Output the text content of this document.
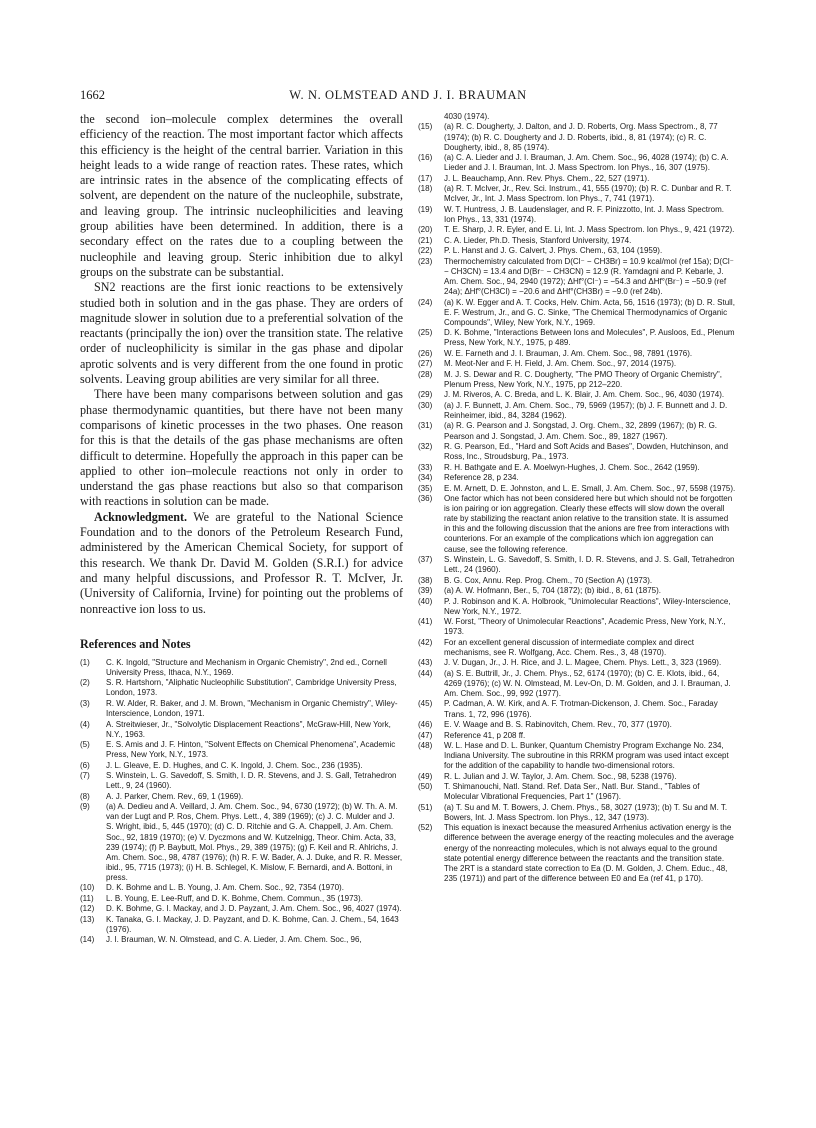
1662	W. N. OLMSTEAD AND J. I. BRAUMAN

the second ion–molecule complex determines the overall efficiency of the reaction. The most important factor which affects this efficiency is the height of the central barrier. Variation in this height leads to a wide range of reaction rates. These rates, which are intrinsic rates in the absence of the complicating effects of solvent, are dependent on the nature of the nucleophile, substrate, and leaving group. The intrinsic nucleophilicities and leaving group abilities have been determined. In addition, there is a secondary effect on the rates due to a coupling between the nucleophile and leaving group. Steric inhibition due to alkyl groups on the substrate can be substantial.

SN2 reactions are the first ionic reactions to be extensively studied both in solution and in the gas phase. They are orders of magnitude slower in solution due to a preferential solvation of the reactants (principally the ion) over the transition state. The relative order of nucleophilicity is similar in the gas phase and dipolar aprotic solvents and is very different from the one found in protic solvents. Leaving group abilities are very similar for all three.

There have been many comparisons between solution and gas phase thermodynamic quantities, but there have not been many comparisons of kinetic processes in the two phases. One reason for this is that the details of the gas phase mechanisms are often difficult to determine. Hopefully the approach in this paper can be applied to other ion–molecule reactions not only in order to understand the gas phase reactions but also so that comparison with reactions in solution can be made.

Acknowledgment. We are grateful to the National Science Foundation and to the donors of the Petroleum Research Fund, administered by the American Chemical Society, for support of this research. We thank Dr. David M. Golden (S.R.I.) for advice and many helpful discussions, and Professor R. T. McIver, Jr. (University of California, Irvine) for pointing out the problems of nonreactive ion loss to us.

References and Notes
(1)	C. K. Ingold, "Structure and Mechanism in Organic Chemistry", 2nd ed., Cornell University Press, Ithaca, N.Y., 1969.
(2)	S. R. Hartshorn, "Aliphatic Nucleophilic Substitution", Cambridge University Press, London, 1973.
(3)	R. W. Alder, R. Baker, and J. M. Brown, "Mechanism in Organic Chemistry", Wiley-Interscience, London, 1971.
(4)	A. Streitwieser, Jr., "Solvolytic Displacement Reactions", McGraw-Hill, New York, N.Y., 1963.
(5)	E. S. Amis and J. F. Hinton, "Solvent Effects on Chemical Phenomena", Academic Press, New York, N.Y., 1973.
(6)	J. L. Gleave, E. D. Hughes, and C. K. Ingold, J. Chem. Soc., 236 (1935).
(7)	S. Winstein, L. G. Savedoff, S. Smith, I. D. R. Stevens, and J. S. Gall, Tetrahedron Lett., 9, 24 (1960).
(8)	A. J. Parker, Chem. Rev., 69, 1 (1969).
(9)	(a) A. Dedieu and A. Veillard, J. Am. Chem. Soc., 94, 6730 (1972); (b) W. Th. A. M. van der Lugt and P. Ros, Chem. Phys. Lett., 4, 389 (1969); (c) J. C. Mulder and J. S. Wright, ibid., 5, 445 (1970); (d) C. D. Ritchie and G. A. Chappell, J. Am. Chem. Soc., 92, 1819 (1970); (e) V. Dyczmons and W. Kutzelnigg, Theor. Chim. Acta, 33, 239 (1974); (f) P. Baybutt, Mol. Phys., 29, 389 (1975); (g) F. Keil and R. Ahlrichs, J. Am. Chem. Soc., 98, 4787 (1976); (h) R. F. W. Bader, A. J. Duke, and R. R. Messer, ibid., 95, 7715 (1973); (i) H. B. Schlegel, K. Mislow, F. Bernardi, and A. Bottoni, in press.
(10)	D. K. Bohme and L. B. Young, J. Am. Chem. Soc., 92, 7354 (1970).
(11)	L. B. Young, E. Lee-Ruff, and D. K. Bohme, Chem. Commun., 35 (1973).
(12)	D. K. Bohme, G. I. Mackay, and J. D. Payzant, J. Am. Chem. Soc., 96, 4027 (1974).
(13)	K. Tanaka, G. I. Mackay, J. D. Payzant, and D. K. Bohme, Can. J. Chem., 54, 1643 (1976).
(14)	J. I. Brauman, W. N. Olmstead, and C. A. Lieder, J. Am. Chem. Soc., 96,
4030 (1974).
(15)	(a) R. C. Dougherty, J. Dalton, and J. D. Roberts, Org. Mass Spectrom., 8, 77 (1974); (b) R. C. Dougherty and J. D. Roberts, ibid., 8, 81 (1974); (c) R. C. Dougherty, ibid., 8, 85 (1974).
(16)	(a) C. A. Lieder and J. I. Brauman, J. Am. Chem. Soc., 96, 4028 (1974); (b) C. A. Lieder and J. I. Brauman, Int. J. Mass Spectrom. Ion Phys., 16, 307 (1975).
(17)	J. L. Beauchamp, Ann. Rev. Phys. Chem., 22, 527 (1971).
(18)	(a) R. T. McIver, Jr., Rev. Sci. Instrum., 41, 555 (1970); (b) R. C. Dunbar and R. T. McIver, Jr., Int. J. Mass Spectrom. Ion Phys., 7, 741 (1971).
(19)	W. T. Huntress, J. B. Laudenslager, and R. F. Pinizzotto, Int. J. Mass Spectrom. Ion Phys., 13, 331 (1974).
(20)	T. E. Sharp, J. R. Eyler, and E. Li, Int. J. Mass Spectrom. Ion Phys., 9, 421 (1972).
(21)	C. A. Lieder, Ph.D. Thesis, Stanford University, 1974.
(22)	P. L. Hanst and J. G. Calvert, J. Phys. Chem., 63, 104 (1959).
(23)	Thermochemistry calculated from D(Cl⁻ − CH3Br) = 10.9 kcal/mol (ref 15a); D(Cl⁻ − CH3CN) = 13.4 and D(Br⁻ − CH3CN) = 12.9 (R. Yamdagni and P. Kebarle, J. Am. Chem. Soc., 94, 2940 (1972); ΔHf°(Cl⁻) = −54.3 and ΔHf°(Br⁻) = −50.9 (ref 24a); ΔHf°(CH3Cl) = −20.6 and ΔHf°(CH3Br) = −9.0 (ref 24b).
(24)	(a) K. W. Egger and A. T. Cocks, Helv. Chim. Acta, 56, 1516 (1973); (b) D. R. Stull, E. F. Westrum, Jr., and G. C. Sinke, "The Chemical Thermodynamics of Organic Compounds", Wiley, New York, N.Y., 1969.
(25)	D. K. Bohme, "Interactions Between Ions and Molecules", P. Ausloos, Ed., Plenum Press, New York, N.Y., 1975, p 489.
(26)	W. E. Farneth and J. I. Brauman, J. Am. Chem. Soc., 98, 7891 (1976).
(27)	M. Meot-Ner and F. H. Field, J. Am. Chem. Soc., 97, 2014 (1975).
(28)	M. J. S. Dewar and R. C. Dougherty, "The PMO Theory of Organic Chemistry", Plenum Press, New York, N.Y., 1975, pp 212–220.
(29)	J. M. Riveros, A. C. Breda, and L. K. Blair, J. Am. Chem. Soc., 96, 4030 (1974).
(30)	(a) J. F. Bunnett, J. Am. Chem. Soc., 79, 5969 (1957); (b) J. F. Bunnett and J. D. Reinheimer, ibid., 84, 3284 (1962).
(31)	(a) R. G. Pearson and J. Songstad, J. Org. Chem., 32, 2899 (1967); (b) R. G. Pearson and J. Songstad, J. Am. Chem. Soc., 89, 1827 (1967).
(32)	R. G. Pearson, Ed., "Hard and Soft Acids and Bases", Dowden, Hutchinson, and Ross, Inc., Stroudsburg, Pa., 1973.
(33)	R. H. Bathgate and E. A. Moelwyn-Hughes, J. Chem. Soc., 2642 (1959).
(34)	Reference 28, p 234.
(35)	E. M. Arnett, D. E. Johnston, and L. E. Small, J. Am. Chem. Soc., 97, 5598 (1975).
(36)	One factor which has not been considered here but which should not be forgotten is ion pairing or ion aggregation. Clearly these effects will slow down the overall rate by stabilizing the reactant anion relative to the transition state. It is assumed in this and the following discussion that the anions are free from interactions with counterions. For an example of the complications which ion aggregation can cause, see the following reference.
(37)	S. Winstein, L. G. Savedoff, S. Smith, I. D. R. Stevens, and J. S. Gall, Tetrahedron Lett., 24 (1960).
(38)	B. G. Cox, Annu. Rep. Prog. Chem., 70 (Section A) (1973).
(39)	(a) A. W. Hofmann, Ber., 5, 704 (1872); (b) ibid., 8, 61 (1875).
(40)	P. J. Robinson and K. A. Holbrook, "Unimolecular Reactions", Wiley-Interscience, New York, N.Y., 1972.
(41)	W. Forst, "Theory of Unimolecular Reactions", Academic Press, New York, N.Y., 1973.
(42)	For an excellent general discussion of intermediate complex and direct mechanisms, see R. Wolfgang, Acc. Chem. Res., 3, 48 (1970).
(43)	J. V. Dugan, Jr., J. H. Rice, and J. L. Magee, Chem. Phys. Lett., 3, 323 (1969).
(44)	(a) S. E. Buttrill, Jr., J. Chem. Phys., 52, 6174 (1970); (b) C. E. Klots, ibid., 64, 4269 (1976); (c) W. N. Olmstead, M. Lev-On, D. M. Golden, and J. I. Brauman, J. Am. Chem. Soc., 99, 992 (1977).
(45)	P. Cadman, A. W. Kirk, and A. F. Trotman-Dickenson, J. Chem. Soc., Faraday Trans. 1, 72, 996 (1976).
(46)	E. V. Waage and B. S. Rabinovitch, Chem. Rev., 70, 377 (1970).
(47)	Reference 41, p 208 ff.
(48)	W. L. Hase and D. L. Bunker, Quantum Chemistry Program Exchange No. 234, Indiana University. The subroutine in this RRKM program was used intact except for the addition of the capability to handle two-dimensional rotors.
(49)	R. L. Julian and J. W. Taylor, J. Am. Chem. Soc., 98, 5238 (1976).
(50)	T. Shimanouchi, Natl. Stand. Ref. Data Ser., Natl. Bur. Stand., "Tables of Molecular Vibrational Frequencies, Part 1" (1967).
(51)	(a) T. Su and M. T. Bowers, J. Chem. Phys., 58, 3027 (1973); (b) T. Su and M. T. Bowers, Int. J. Mass Spectrom. Ion Phys., 12, 347 (1973).
(52)	This equation is inexact because the measured Arrhenius activation energy is the difference between the average energy of the reacting molecules and the average energy of the nonreacting molecules, which is not always equal to the ground state potential energy difference between the reactants and the transition state. The 2RT is a standard state correction to Ea (D. M. Golden, J. Chem. Educ., 48, 235 (1971)) and part of the difference between E0 and Ea (ref 41, p 170).
